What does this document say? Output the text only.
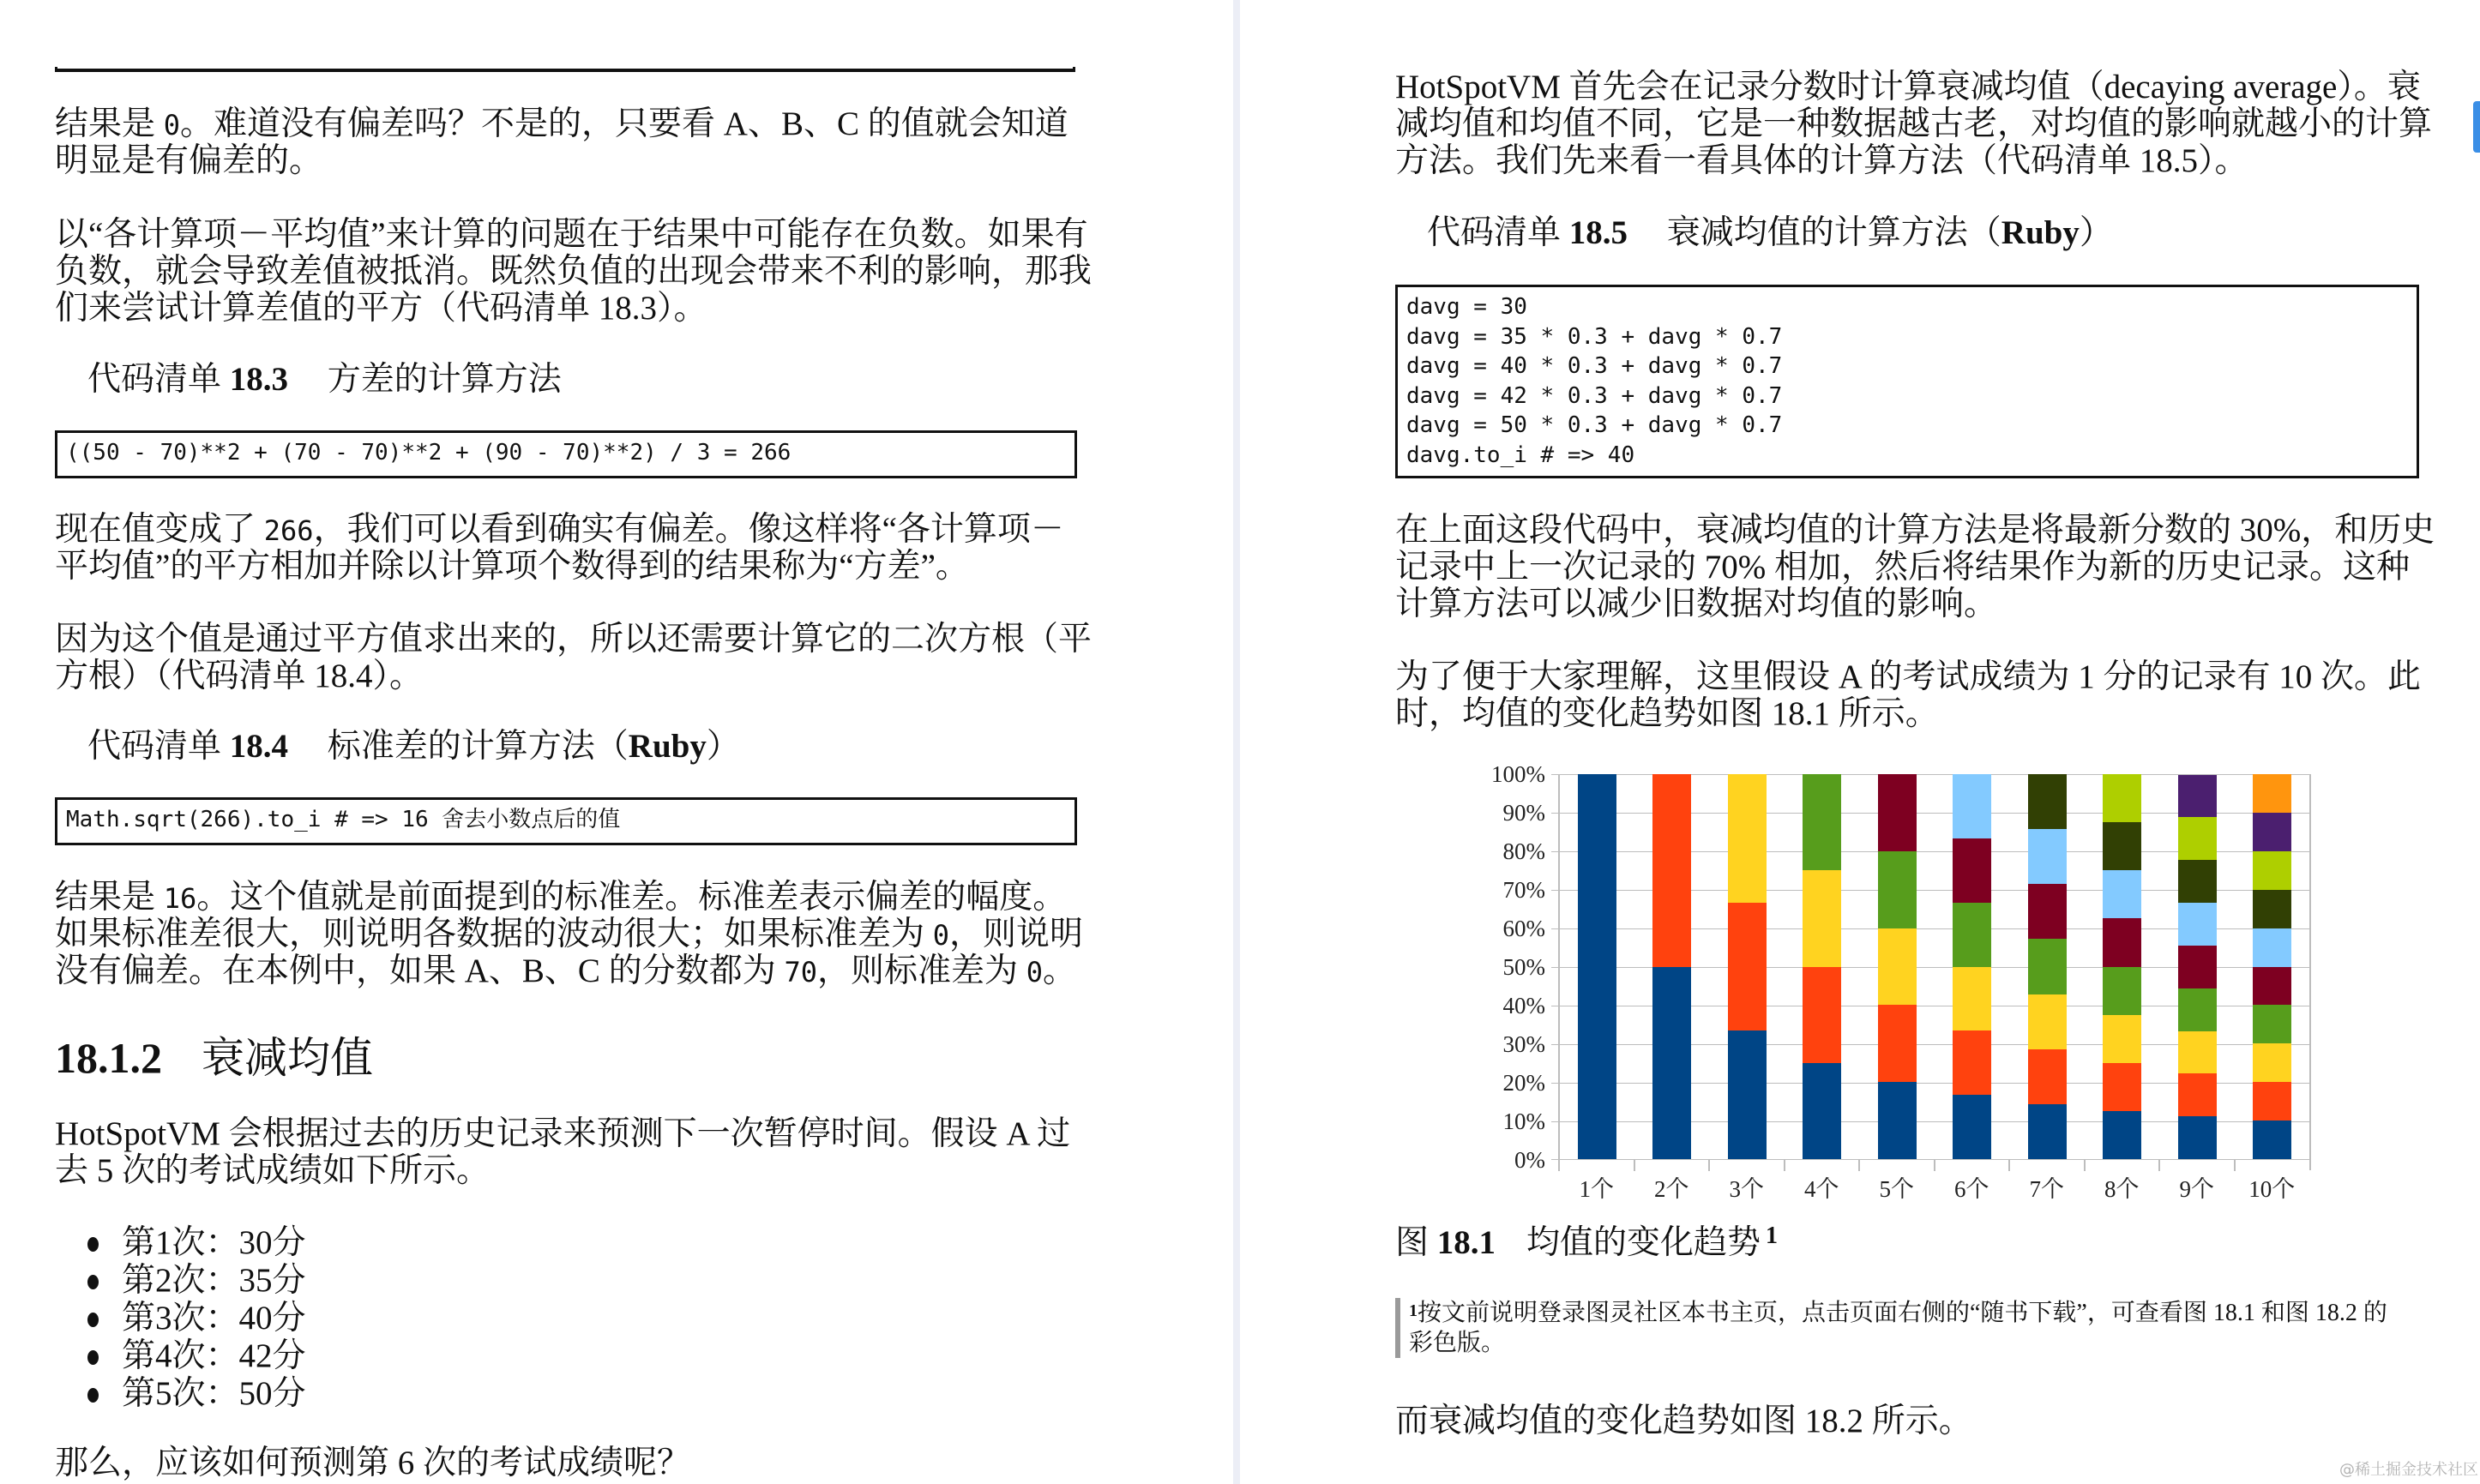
结果是 0。难道没有偏差吗？不是的，只要看 A、B、C 的值就会知道
明显是有偏差的。
以“各计算项－平均值”来计算的问题在于结果中可能存在负数。如果有
负数，就会导致差值被抵消。既然负值的出现会带来不利的影响，那我
们来尝试计算差值的平方（代码清单 18.3）。
代码清单 18.3 方差的计算方法
((50 - 70)**2 + (70 - 70)**2 + (90 - 70)**2) / 3 = 266
现在值变成了 266，我们可以看到确实有偏差。像这样将“各计算项－
平均值”的平方相加并除以计算项个数得到的结果称为“方差”。
因为这个值是通过平方值求出来的，所以还需要计算它的二次方根（平
方根）（代码清单 18.4）。
代码清单 18.4 标准差的计算方法（Ruby）
Math.sqrt(266).to_i # => 16 舍去小数点后的值
结果是 16。这个值就是前面提到的标准差。标准差表示偏差的幅度。
如果标准差很大，则说明各数据的波动很大；如果标准差为 0，则说明
没有偏差。在本例中，如果 A、B、C 的分数都为 70，则标准差为 0。
18.1.2 衰减均值
HotSpotVM 会根据过去的历史记录来预测下一次暂停时间。假设 A 过
去 5 次的考试成绩如下所示。
第1次：30分
第2次：35分
第3次：40分
第4次：42分
第5次：50分
那么，应该如何预测第 6 次的考试成绩呢？
HotSpotVM 首先会在记录分数时计算衰减均值（decaying average）。衰
减均值和均值不同，它是一种数据越古老，对均值的影响就越小的计算
方法。我们先来看一看具体的计算方法（代码清单 18.5）。
代码清单 18.5 衰减均值的计算方法（Ruby）
davg = 30
davg = 35 * 0.3 + davg * 0.7
davg = 40 * 0.3 + davg * 0.7
davg = 42 * 0.3 + davg * 0.7
davg = 50 * 0.3 + davg * 0.7
davg.to_i # => 40
在上面这段代码中，衰减均值的计算方法是将最新分数的 30%，和历史
记录中上一次记录的 70% 相加，然后将结果作为新的历史记录。这种
计算方法可以减少旧数据对均值的影响。
为了便于大家理解，这里假设 A 的考试成绩为 1 分的记录有 10 次。此
时，均值的变化趋势如图 18.1 所示。
100%
90%
80%
70%
60%
50%
40%
30%
20%
10%
0%
1个	2个	3个	4个	5个	6个	7个	8个	9个	10个
图 18.1 均值的变化趋势 $^1$
$^1$按文前说明登录图灵社区本书主页，点击页面右侧的“随书下载”，可查看图 18.1 和图 18.2 的
彩色版。
而衰减均值的变化趋势如图 18.2 所示。
@稀土掘金技术社区
